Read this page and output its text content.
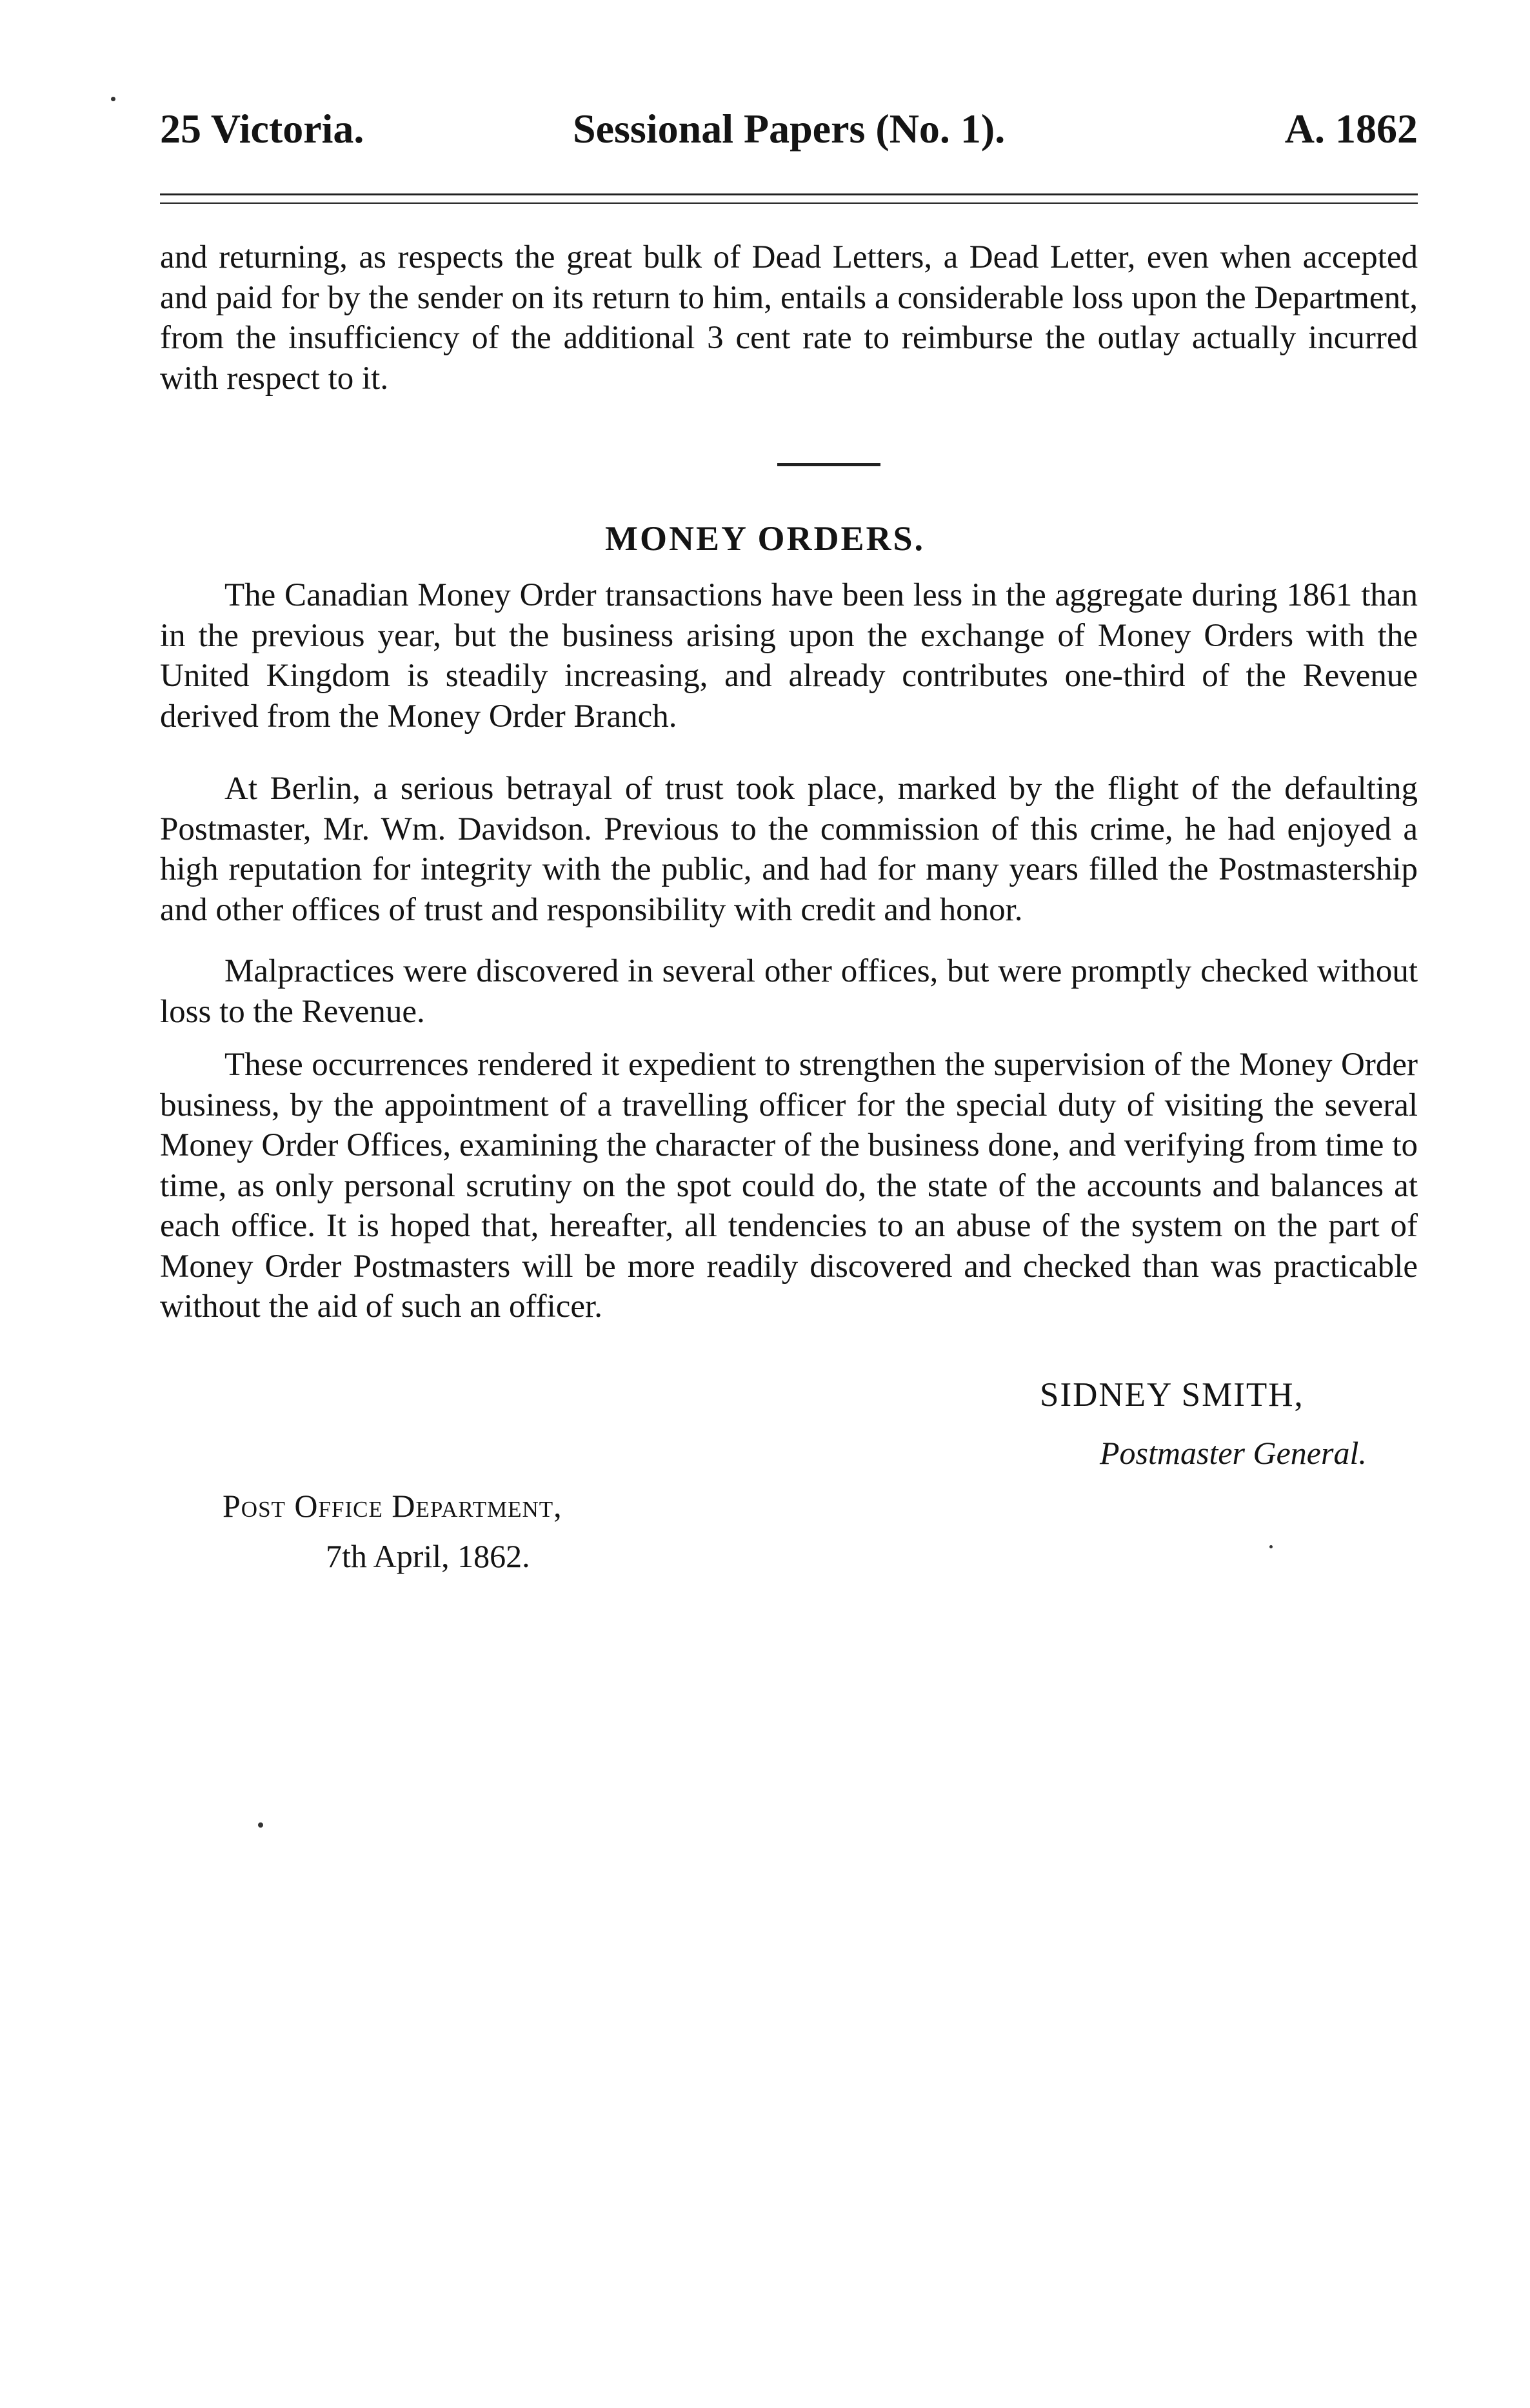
25 Victoria.	Sessional Papers (No. 1).	A. 1862

and returning, as respects the great bulk of Dead Letters, a Dead Letter, even when accepted and paid for by the sender on its return to him, entails a considerable loss upon the Department, from the insufficiency of the additional 3 cent rate to reimburse the outlay actually incurred with respect to it.

MONEY ORDERS.

The Canadian Money Order transactions have been less in the aggregate during 1861 than in the previous year, but the business arising upon the exchange of Money Orders with the United Kingdom is steadily increasing, and already contributes one-third of the Revenue derived from the Money Order Branch.

At Berlin, a serious betrayal of trust took place, marked by the flight of the defaulting Postmaster, Mr. Wm. Davidson. Previous to the commission of this crime, he had enjoyed a high reputation for integrity with the public, and had for many years filled the Postmastership and other offices of trust and responsibility with credit and honor.

Malpractices were discovered in several other offices, but were promptly checked without loss to the Revenue.

These occurrences rendered it expedient to strengthen the supervision of the Money Order business, by the appointment of a travelling officer for the special duty of visiting the several Money Order Offices, examining the character of the business done, and verifying from time to time, as only personal scrutiny on the spot could do, the state of the accounts and balances at each office. It is hoped that, hereafter, all tendencies to an abuse of the system on the part of Money Order Postmasters will be more readily discovered and checked than was practicable without the aid of such an officer.

SIDNEY SMITH,
Postmaster General.
Post Office Department,
7th April, 1862.
